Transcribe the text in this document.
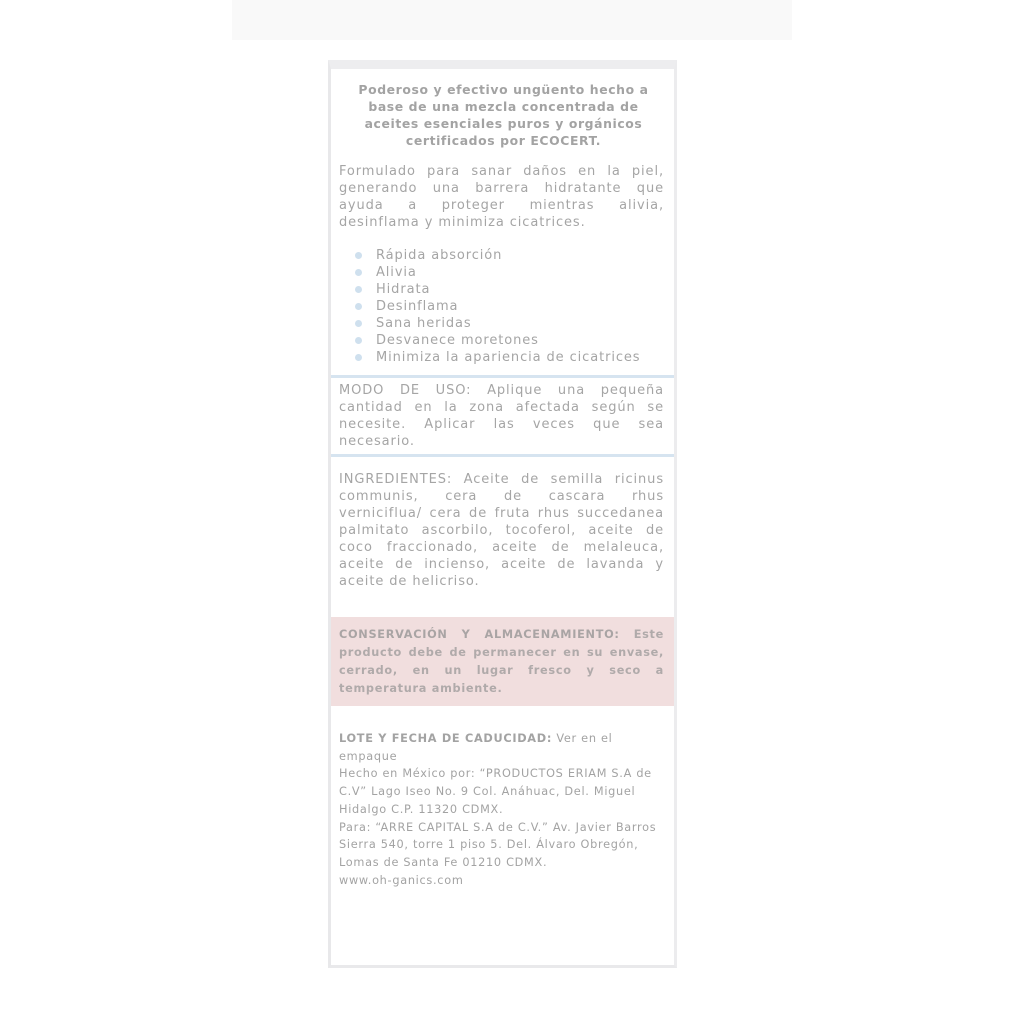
Poderoso y efectivo ungüento hecho a base de una mezcla concentrada de aceites esenciales puros y orgánicos certificados por ECOCERT.
Formulado para sanar daños en la piel, generando una barrera hidratante que ayuda a proteger mientras alivia, desinflama y minimiza cicatrices.
Rápida absorción
Alivia
Hidrata
Desinflama
Sana heridas
Desvanece moretones
Minimiza la apariencia de cicatrices
MODO DE USO: Aplique una pequeña cantidad en la zona afectada según se necesite. Aplicar las veces que sea necesario.
INGREDIENTES: Aceite de semilla ricinus communis, cera de cascara rhus verniciflua/ cera de fruta rhus succedanea palmitato ascorbilo, tocoferol, aceite de coco fraccionado, aceite de melaleuca, aceite de incienso, aceite de lavanda y aceite de helicriso.
CONSERVACIÓN Y ALMACENAMIENTO: Este producto debe de permanecer en su envase, cerrado, en un lugar fresco y seco a temperatura ambiente.

LOTE Y FECHA DE CADUCIDAD: Ver en el empaque

Hecho en México por: “PRODUCTOS ERIAM S.A de C.V” Lago Iseo No. 9 Col. Anáhuac, Del. Miguel Hidalgo C.P. 11320 CDMX.

Para: “ARRE CAPITAL S.A de C.V.” Av. Javier Barros Sierra 540, torre 1 piso 5. Del. Álvaro Obregón, Lomas de Santa Fe 01210 CDMX.

www.oh-ganics.com
